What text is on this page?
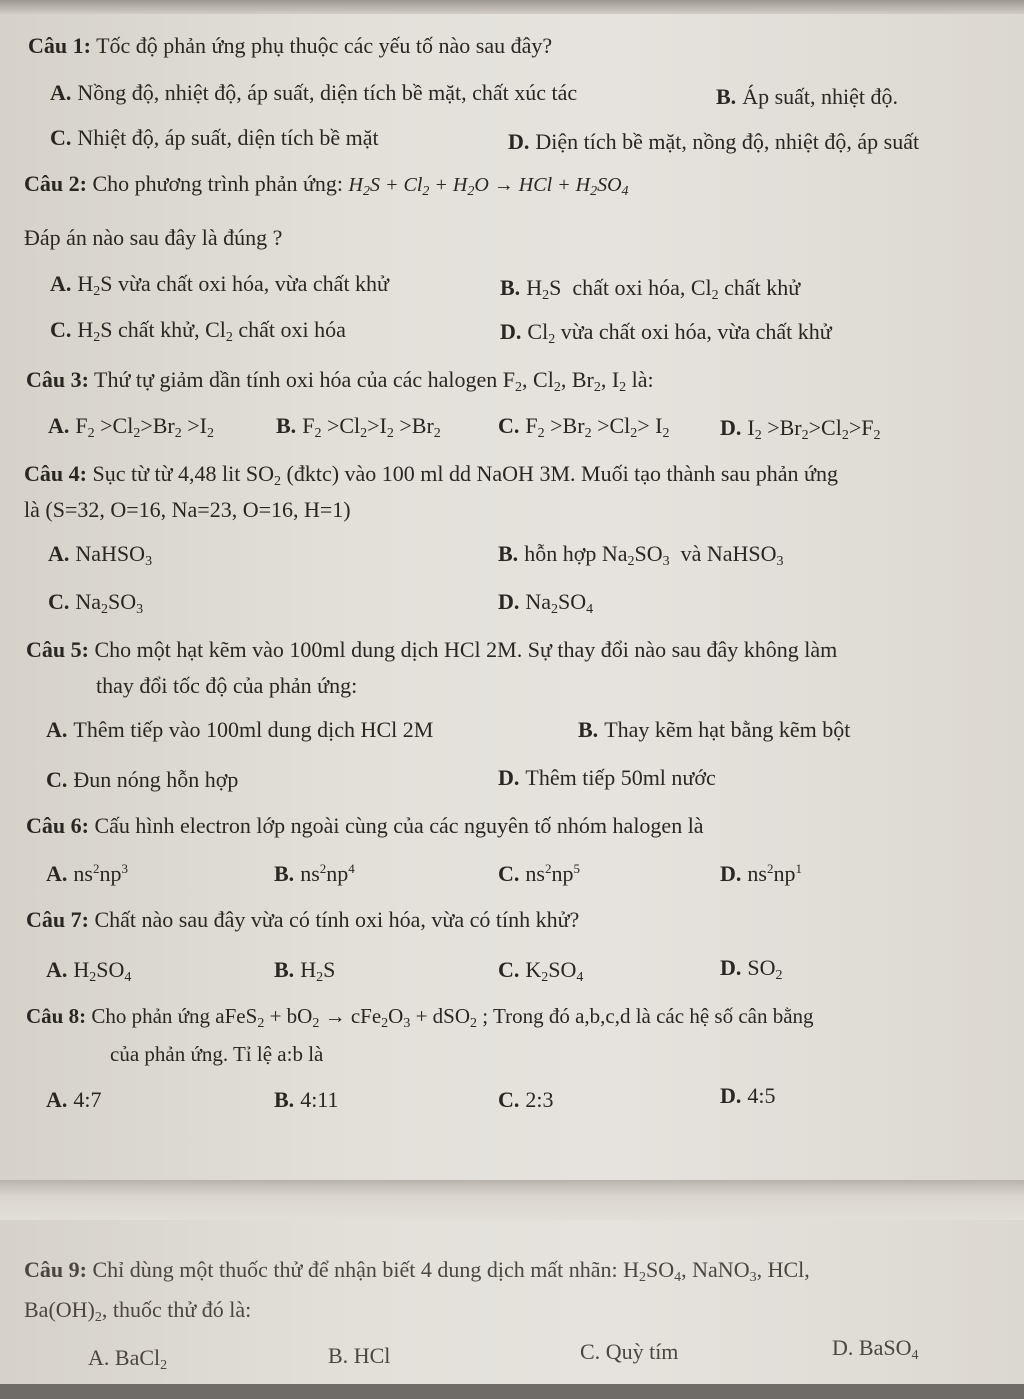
Câu 1: Tốc độ phản ứng phụ thuộc các yếu tố nào sau đây?
A. Nồng độ, nhiệt độ, áp suất, diện tích bề mặt, chất xúc tác	B. Áp suất, nhiệt độ.
C. Nhiệt độ, áp suất, diện tích bề mặt	D. Diện tích bề mặt, nồng độ, nhiệt độ, áp suất
Câu 2: Cho phương trình phản ứng: $H_2S + Cl_2 + H_2O$ → HCl + $H_2SO_4$
Đáp án nào sau đây là đúng ?
A. $H_2S$ vừa chất oxi hóa, vừa chất khử	B. $H_2S$  chất oxi hóa, $Cl_2$ chất khử
C. $H_2S$ chất khử, $Cl_2$ chất oxi hóa	D. $Cl_2$ vừa chất oxi hóa, vừa chất khử
Câu 3: Thứ tự giảm dần tính oxi hóa của các halogen $F_2$, $Cl_2$, $Br_2$, $I_2$ là:
A. $F_2 >Cl_2>Br_2 >I_2$	B. $F_2 >Cl_2>I_2 >Br_2$	C. $F_2 >Br_2 >Cl_2> I_2$ D. $I_2 >Br_2>Cl_2>F_2$
Câu 4: Sục từ từ 4,48 lit $SO_2$ (đktc) vào 100 ml dd NaOH 3M. Muối tạo thành sau phản ứng
là (S=32, O=16, Na=23, O=16, H=1)
A. NaHSO$_3$	B. hỗn hợp $Na_2SO_3$  và NaHSO$_3$
C. $Na_2SO_3$	D. $Na_2SO_4$
Câu 5: Cho một hạt kẽm vào 100ml dung dịch HCl 2M. Sự thay đổi nào sau đây không làm
thay đổi tốc độ của phản ứng:
A. Thêm tiếp vào 100ml dung dịch HCl 2M	B. Thay kẽm hạt bằng kẽm bột
C. Đun nóng hỗn hợp	D. Thêm tiếp 50ml nước
Câu 6: Cấu hình electron lớp ngoài cùng của các nguyên tố nhóm halogen là
A. $ns^2np^3$	B. $ns^2np^4$	C. $ns^2np^5$	D. $ns^2np^1$
Câu 7: Chất nào sau đây vừa có tính oxi hóa, vừa có tính khử?
A. $H_2SO_4$	B. $H_2S$	C. $K_2SO_4$	D. $SO_2$
Câu 8: Cho phản ứng aFeS$_2$ + $bO_2 \to cFe_2O_3 + dSO_2$ ; Trong đó a,b,c,d là các hệ số cân bằng
của phản ứng. Tỉ lệ a:b là
A. 4:7	B. 4:11	C. 2:3	D. 4:5
Câu 9: Chỉ dùng một thuốc thử để nhận biết 4 dung dịch mất nhãn: $H_2SO_4$, NaNO$_3$, HCl,
$Ba(OH)_2$, thuốc thử đó là:
A. BaCl$_2$	B. HCl	C. Quỳ tím	D. BaSO$_4$
